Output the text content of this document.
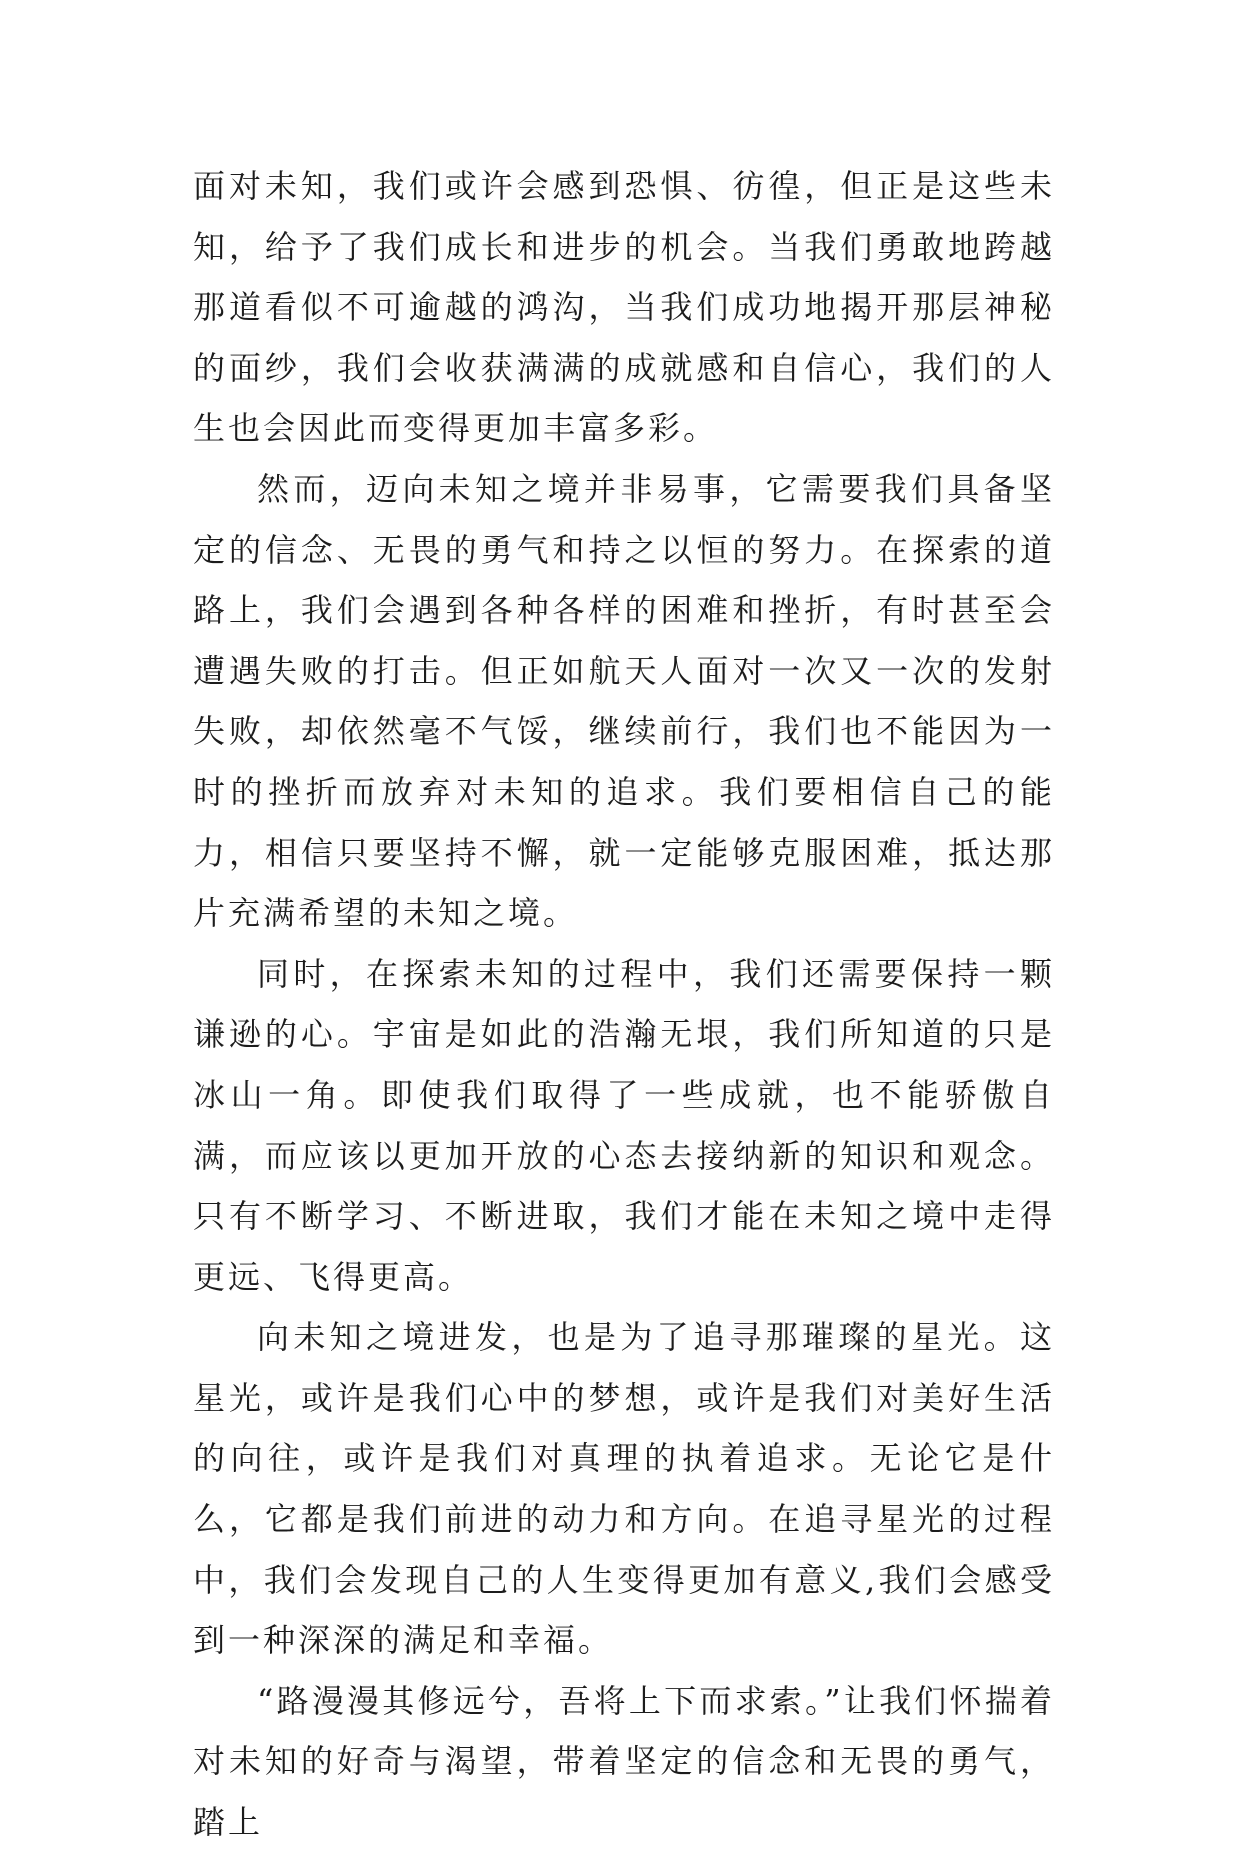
面对未知，我们或许会感到恐惧、彷徨，但正是这些未知，给予了我们成长和进步的机会。当我们勇敢地跨越那道看似不可逾越的鸿沟，当我们成功地揭开那层神秘的面纱，我们会收获满满的成就感和自信心，我们的人生也会因此而变得更加丰富多彩。

然而，迈向未知之境并非易事，它需要我们具备坚定的信念、无畏的勇气和持之以恒的努力。在探索的道路上，我们会遇到各种各样的困难和挫折，有时甚至会遭遇失败的打击。但正如航天人面对一次又一次的发射失败，却依然毫不气馁，继续前行，我们也不能因为一时的挫折而放弃对未知的追求。我们要相信自己的能力，相信只要坚持不懈，就一定能够克服困难，抵达那片充满希望的未知之境。

同时，在探索未知的过程中，我们还需要保持一颗谦逊的心。宇宙是如此的浩瀚无垠，我们所知道的只是冰山一角。即使我们取得了一些成就，也不能骄傲自满，而应该以更加开放的心态去接纳新的知识和观念。只有不断学习、不断进取，我们才能在未知之境中走得更远、飞得更高。

向未知之境进发，也是为了追寻那璀璨的星光。这星光，或许是我们心中的梦想，或许是我们对美好生活的向往，或许是我们对真理的执着追求。无论它是什么，它都是我们前进的动力和方向。在追寻星光的过程中，我们会发现自己的人生变得更加有意义,我们会感受到一种深深的满足和幸福。

“路漫漫其修远兮，吾将上下而求索。”让我们怀揣着对未知的好奇与渴望，带着坚定的信念和无畏的勇气，踏上
